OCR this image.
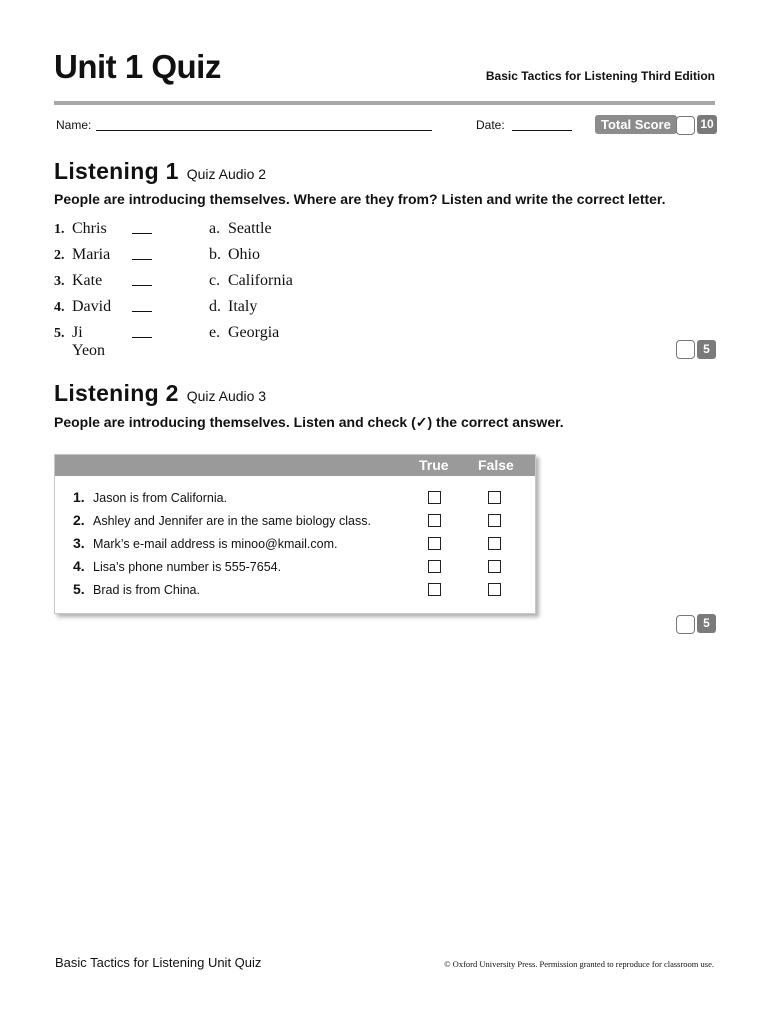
Unit 1 Quiz	Basic Tactics for Listening Third Edition
Name:	Date:	Total Score	10
Listening 1 Quiz Audio 2
People are introducing themselves. Where are they from? Listen and write the correct letter.
1. Chris
2. Maria
3. Kate
4. David
5. Ji Yeon
a. Seattle
b. Ohio
c. California
d. Italy
e. Georgia
5
Listening 2 Quiz Audio 3
People are introducing themselves. Listen and check (✓) the correct answer.
True False
1. Jason is from California.
2. Ashley and Jennifer are in the same biology class.
3. Mark’s e-mail address is minoo@kmail.com.
4. Lisa’s phone number is 555-7654.
5. Brad is from China.
5
Basic Tactics for Listening Unit Quiz	© Oxford University Press. Permission granted to reproduce for classroom use.
